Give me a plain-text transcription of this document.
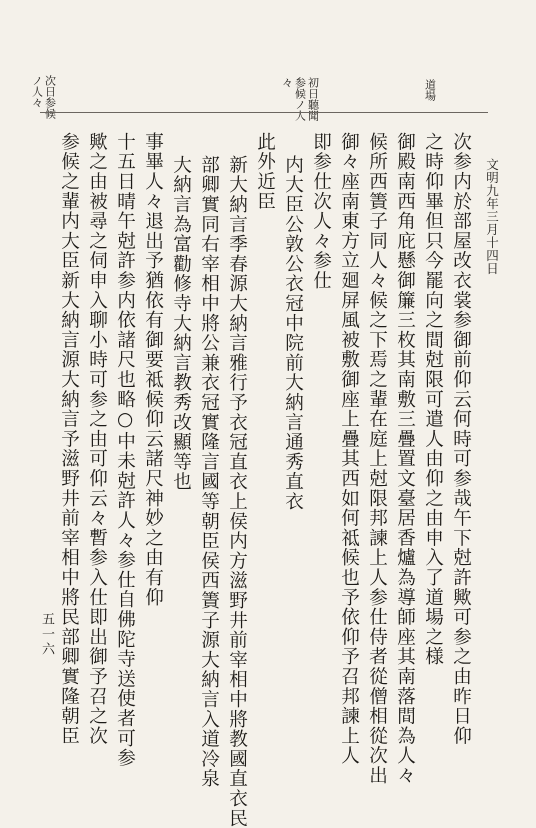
道場
初日聽聞
参候ノ人
々
次日参候
ノ人々
文明九年三月十四日
五一六	次参内於部屋改衣裳参御前仰云何時可参哉午下尅許歟可参之由昨日仰
之時仰畢但只今罷向之間尅限可遣人由仰之由申入了道場之様
御殿南西角庇懸御簾三枚其南敷三疊置文臺居香爐為導師座其南落間為人々
候所西簀子同人々候之下焉之輩在庭上尅限邦諫上人参仕侍者從僧相從次出
御々座南東方立廻屏風被敷御座上疊其西如何祗候也予依仰予召邦諫上人
即参仕次人々参仕
内大臣公敦公衣冠中院前大納言通秀直衣
此外近臣
新大納言季春源大納言雅行予衣冠直衣上侯内方滋野井前宰相中將教國直衣民
部卿實同右宰相中將公兼衣冠實隆言國等朝臣侯西簀子源大納言入道冷泉
大納言為富勸修寺大納言教秀改顯等也
事畢人々退出予猶依有御要祗候仰云諸尺神妙之由有仰
十五日晴午尅許参内依諸尺也略○中未尅許人々参仕自佛陀寺送使者可参
歟之由被尋之伺申入聊小時可参之由可仰云々暫参入仕即出御予召之次
参候之輩内大臣新大納言源大納言予滋野井前宰相中將民部卿實隆朝臣
